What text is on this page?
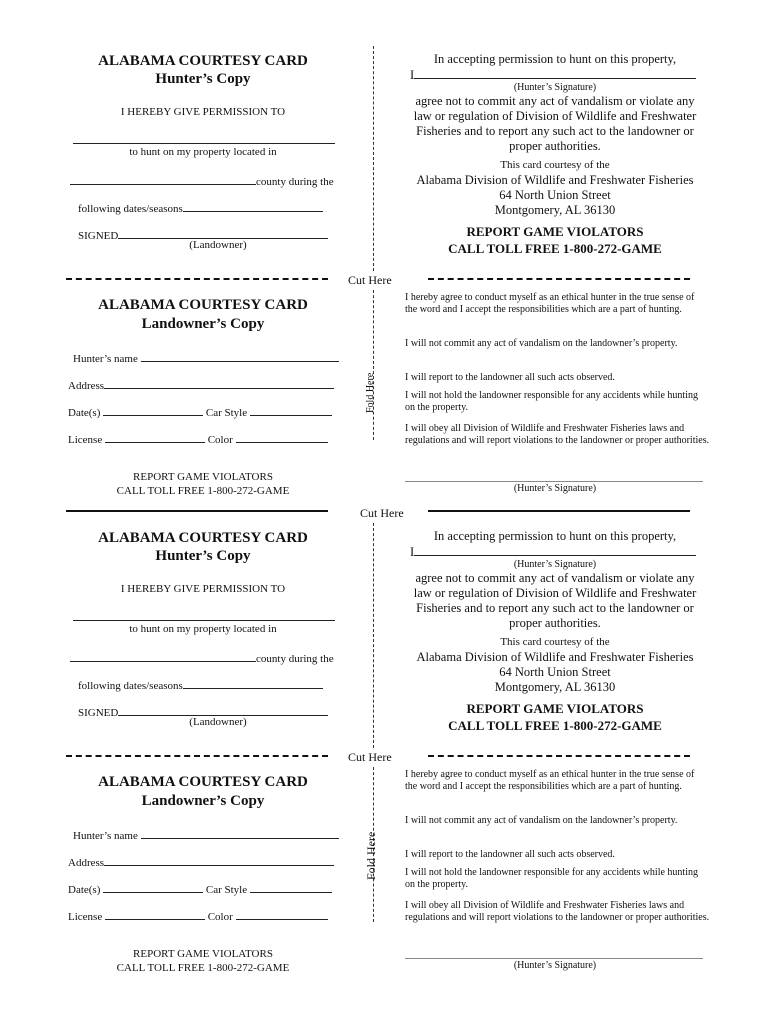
ALABAMA COURTESY CARD
Hunter’s Copy
I HEREBY GIVE PERMISSION TO
to hunt on my property located in
county during the
following dates/seasons
SIGNED
(Landowner)
In accepting permission to hunt on this property,
I
(Hunter’s Signature)
agree not to commit any act of vandalism or violate any
law or regulation of Division of Wildlife and Freshwater
Fisheries and to report any such act to the landowner or
proper authorities.
This card courtesy of the
Alabama Division of Wildlife and Freshwater Fisheries
64 North Union Street
Montgomery, AL 36130
REPORT GAME VIOLATORS
CALL TOLL FREE 1-800-272-GAME
Cut Here
ALABAMA COURTESY CARD
Landowner’s Copy
Hunter’s name
Address
Date(s)	Car Style
License	Color
REPORT GAME VIOLATORS
CALL TOLL FREE 1-800-272-GAME
Fold Here
I hereby agree to conduct myself as an ethical hunter in the true sense of the word and I accept the responsibilities which are a part of hunting.
I will not commit any act of vandalism on the landowner’s property.
I will report to the landowner all such acts observed.
I will not hold the landowner responsible for any accidents while hunting on the property.
I will obey all Division of Wildlife and Freshwater Fisheries laws and regulations and will report violations to the landowner or proper authorities.
(Hunter’s Signature)
Cut Here
ALABAMA COURTESY CARD
Hunter’s Copy
I HEREBY GIVE PERMISSION TO
to hunt on my property located in
county during the
following dates/seasons
SIGNED
(Landowner)
In accepting permission to hunt on this property,
I
(Hunter’s Signature)
agree not to commit any act of vandalism or violate any
law or regulation of Division of Wildlife and Freshwater
Fisheries and to report any such act to the landowner or
proper authorities.
This card courtesy of the
Alabama Division of Wildlife and Freshwater Fisheries
64 North Union Street
Montgomery, AL 36130
REPORT GAME VIOLATORS
CALL TOLL FREE 1-800-272-GAME
Cut Here
ALABAMA COURTESY CARD
Landowner’s Copy
Hunter’s name
Address
Date(s)	Car Style
License	Color
REPORT GAME VIOLATORS
CALL TOLL FREE 1-800-272-GAME
Fold Here
I hereby agree to conduct myself as an ethical hunter in the true sense of the word and I accept the responsibilities which are a part of hunting.
I will not commit any act of vandalism on the landowner’s property.
I will report to the landowner all such acts observed.
I will not hold the landowner responsible for any accidents while hunting on the property.
I will obey all Division of Wildlife and Freshwater Fisheries laws and regulations and will report violations to the landowner or proper authorities.
(Hunter’s Signature)
